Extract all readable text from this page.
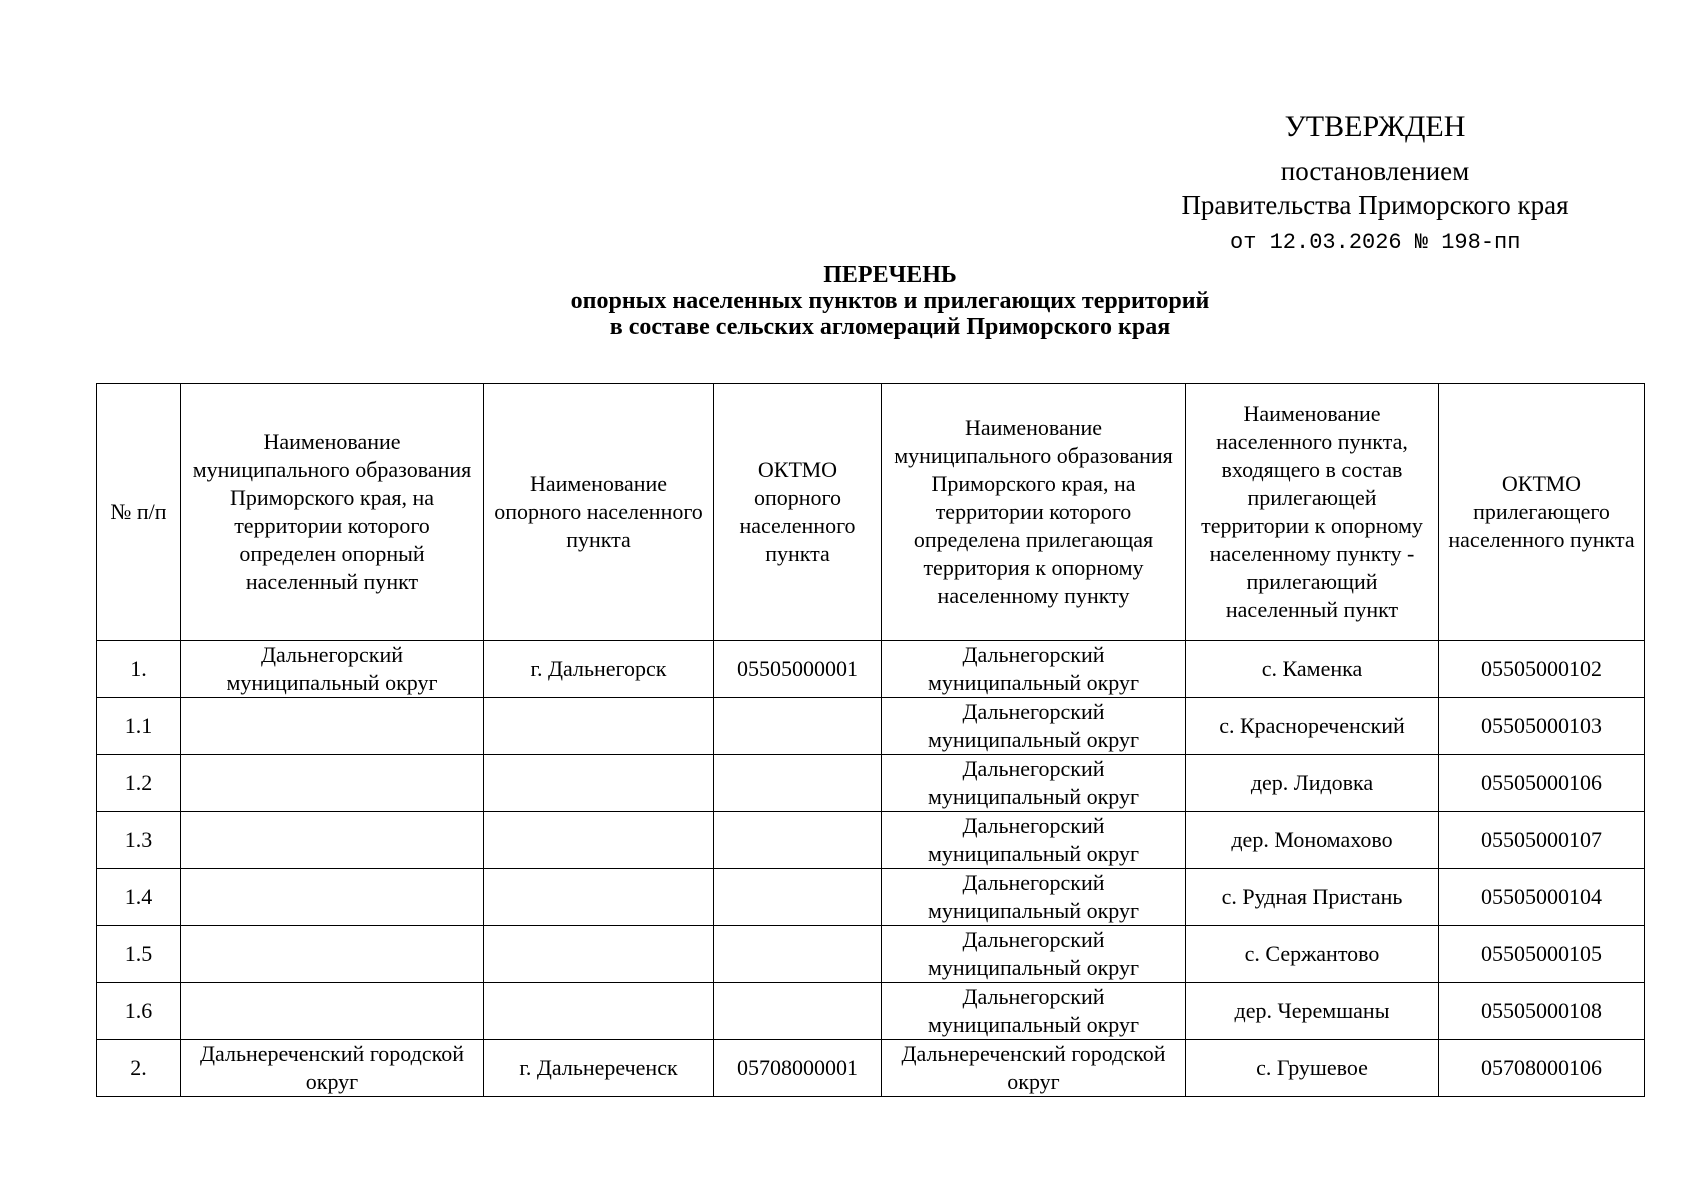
УТВЕРЖДЕН
постановлением
Правительства Приморского края
от 12.03.2026 № 198-пп
ПЕРЕЧЕНЬ
опорных населенных пунктов и прилегающих территорий
в составе сельских агломераций Приморского края
№ п/п	Наименование муниципального образования Приморского края, на территории которого определен опорный населенный пункт	Наименование опорного населенного пункта	ОКТМО опорного населенного пункта	Наименование муниципального образования Приморского края, на территории которого определена прилегающая территория к опорному населенному пункту	Наименование населенного пункта, входящего в состав прилегающей территории к опорному населенному пункту - прилегающий населенный пункт	ОКТМО прилегающего населенного пункта
1.	Дальнегорский муниципальный округ	г. Дальнегорск	05505000001	Дальнегорский муниципальный округ	с. Каменка	05505000102
1.1				Дальнегорский муниципальный округ	с. Краснореченский	05505000103
1.2				Дальнегорский муниципальный округ	дер. Лидовка	05505000106
1.3				Дальнегорский муниципальный округ	дер. Мономахово	05505000107
1.4				Дальнегорский муниципальный округ	с. Рудная Пристань	05505000104
1.5				Дальнегорский муниципальный округ	с. Сержантово	05505000105
1.6				Дальнегорский муниципальный округ	дер. Черемшаны	05505000108
2.	Дальнереченский городской округ	г. Дальнереченск	05708000001	Дальнереченский городской округ	с. Грушевое	05708000106
